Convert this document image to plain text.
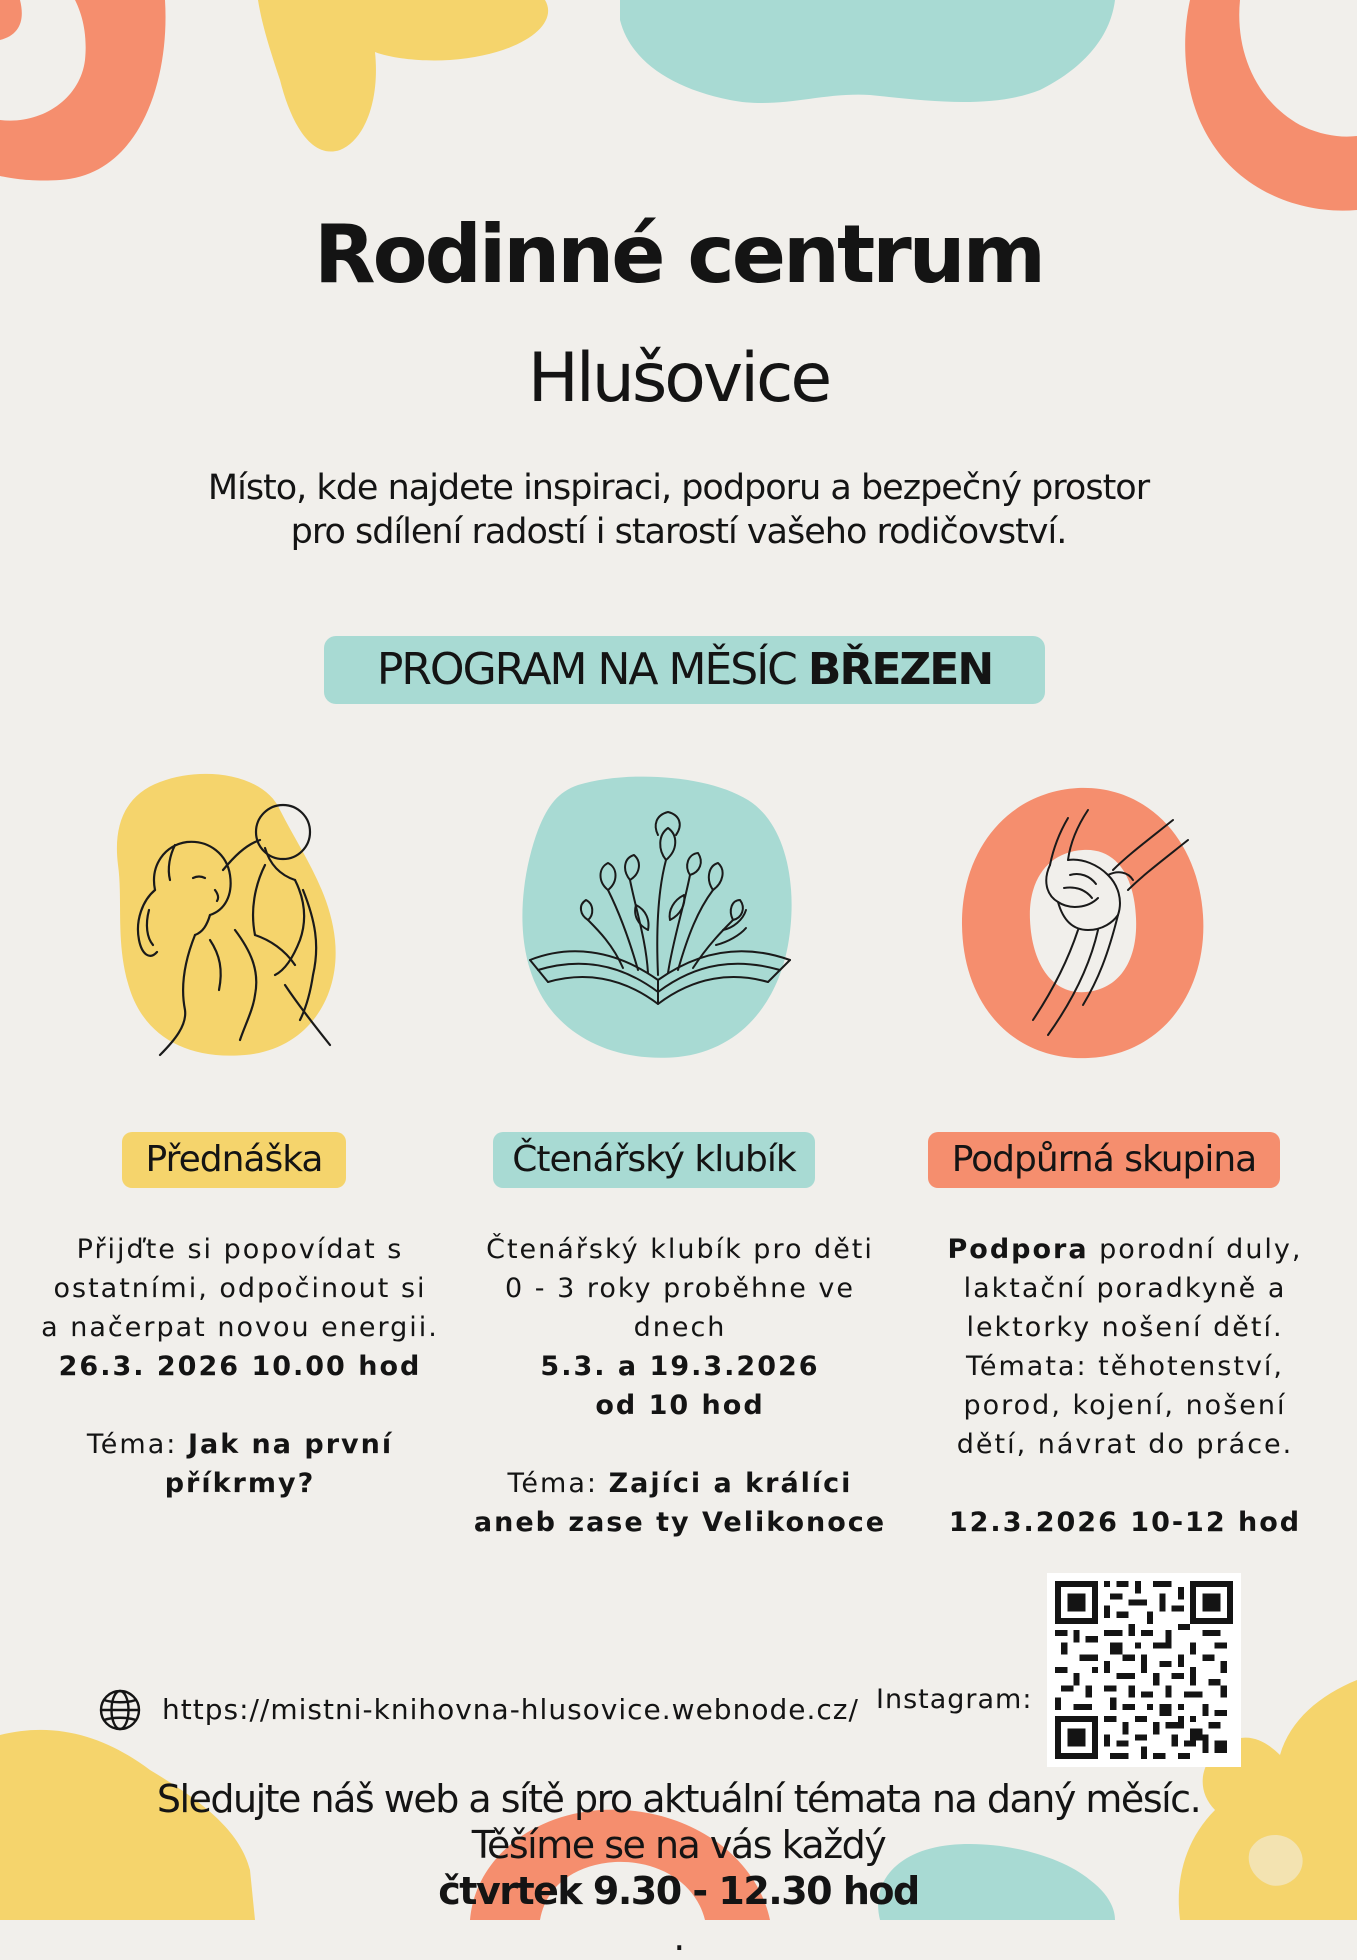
Rodinné centrum
Hlušovice
Místo, kde najdete inspiraci, podporu a bezpečný prostor
pro sdílení radostí i starostí vašeho rodičovství.
PROGRAM NA MĚSÍC BŘEZEN
Přednáška	Čtenářský klubík	Podpůrná skupina

Přijďte si popovídat s

ostatními, odpočinout si

a načerpat novou energii.

26.3. 2026 10.00 hod

Téma: Jak na první

příkrmy?

Čtenářský klubík pro děti

0 - 3 roky proběhne ve

dnech

5.3. a 19.3.2026

od 10 hod

Téma: Zajíci a králíci

aneb zase ty Velikonoce

Podpora porodní duly,

laktační poradkyně a

lektorky nošení dětí.

Témata: těhotenství,

porod, kojení, nošení

dětí, návrat do práce.

12.3.2026 10-12 hod

https://mistni-knihovna-hlusovice.webnode.cz/ Instagram:
Sledujte náš web a sítě pro aktuální témata na daný měsíc.
Těšíme se na vás každý
čtvrtek 9.30 - 12.30 hod
.
